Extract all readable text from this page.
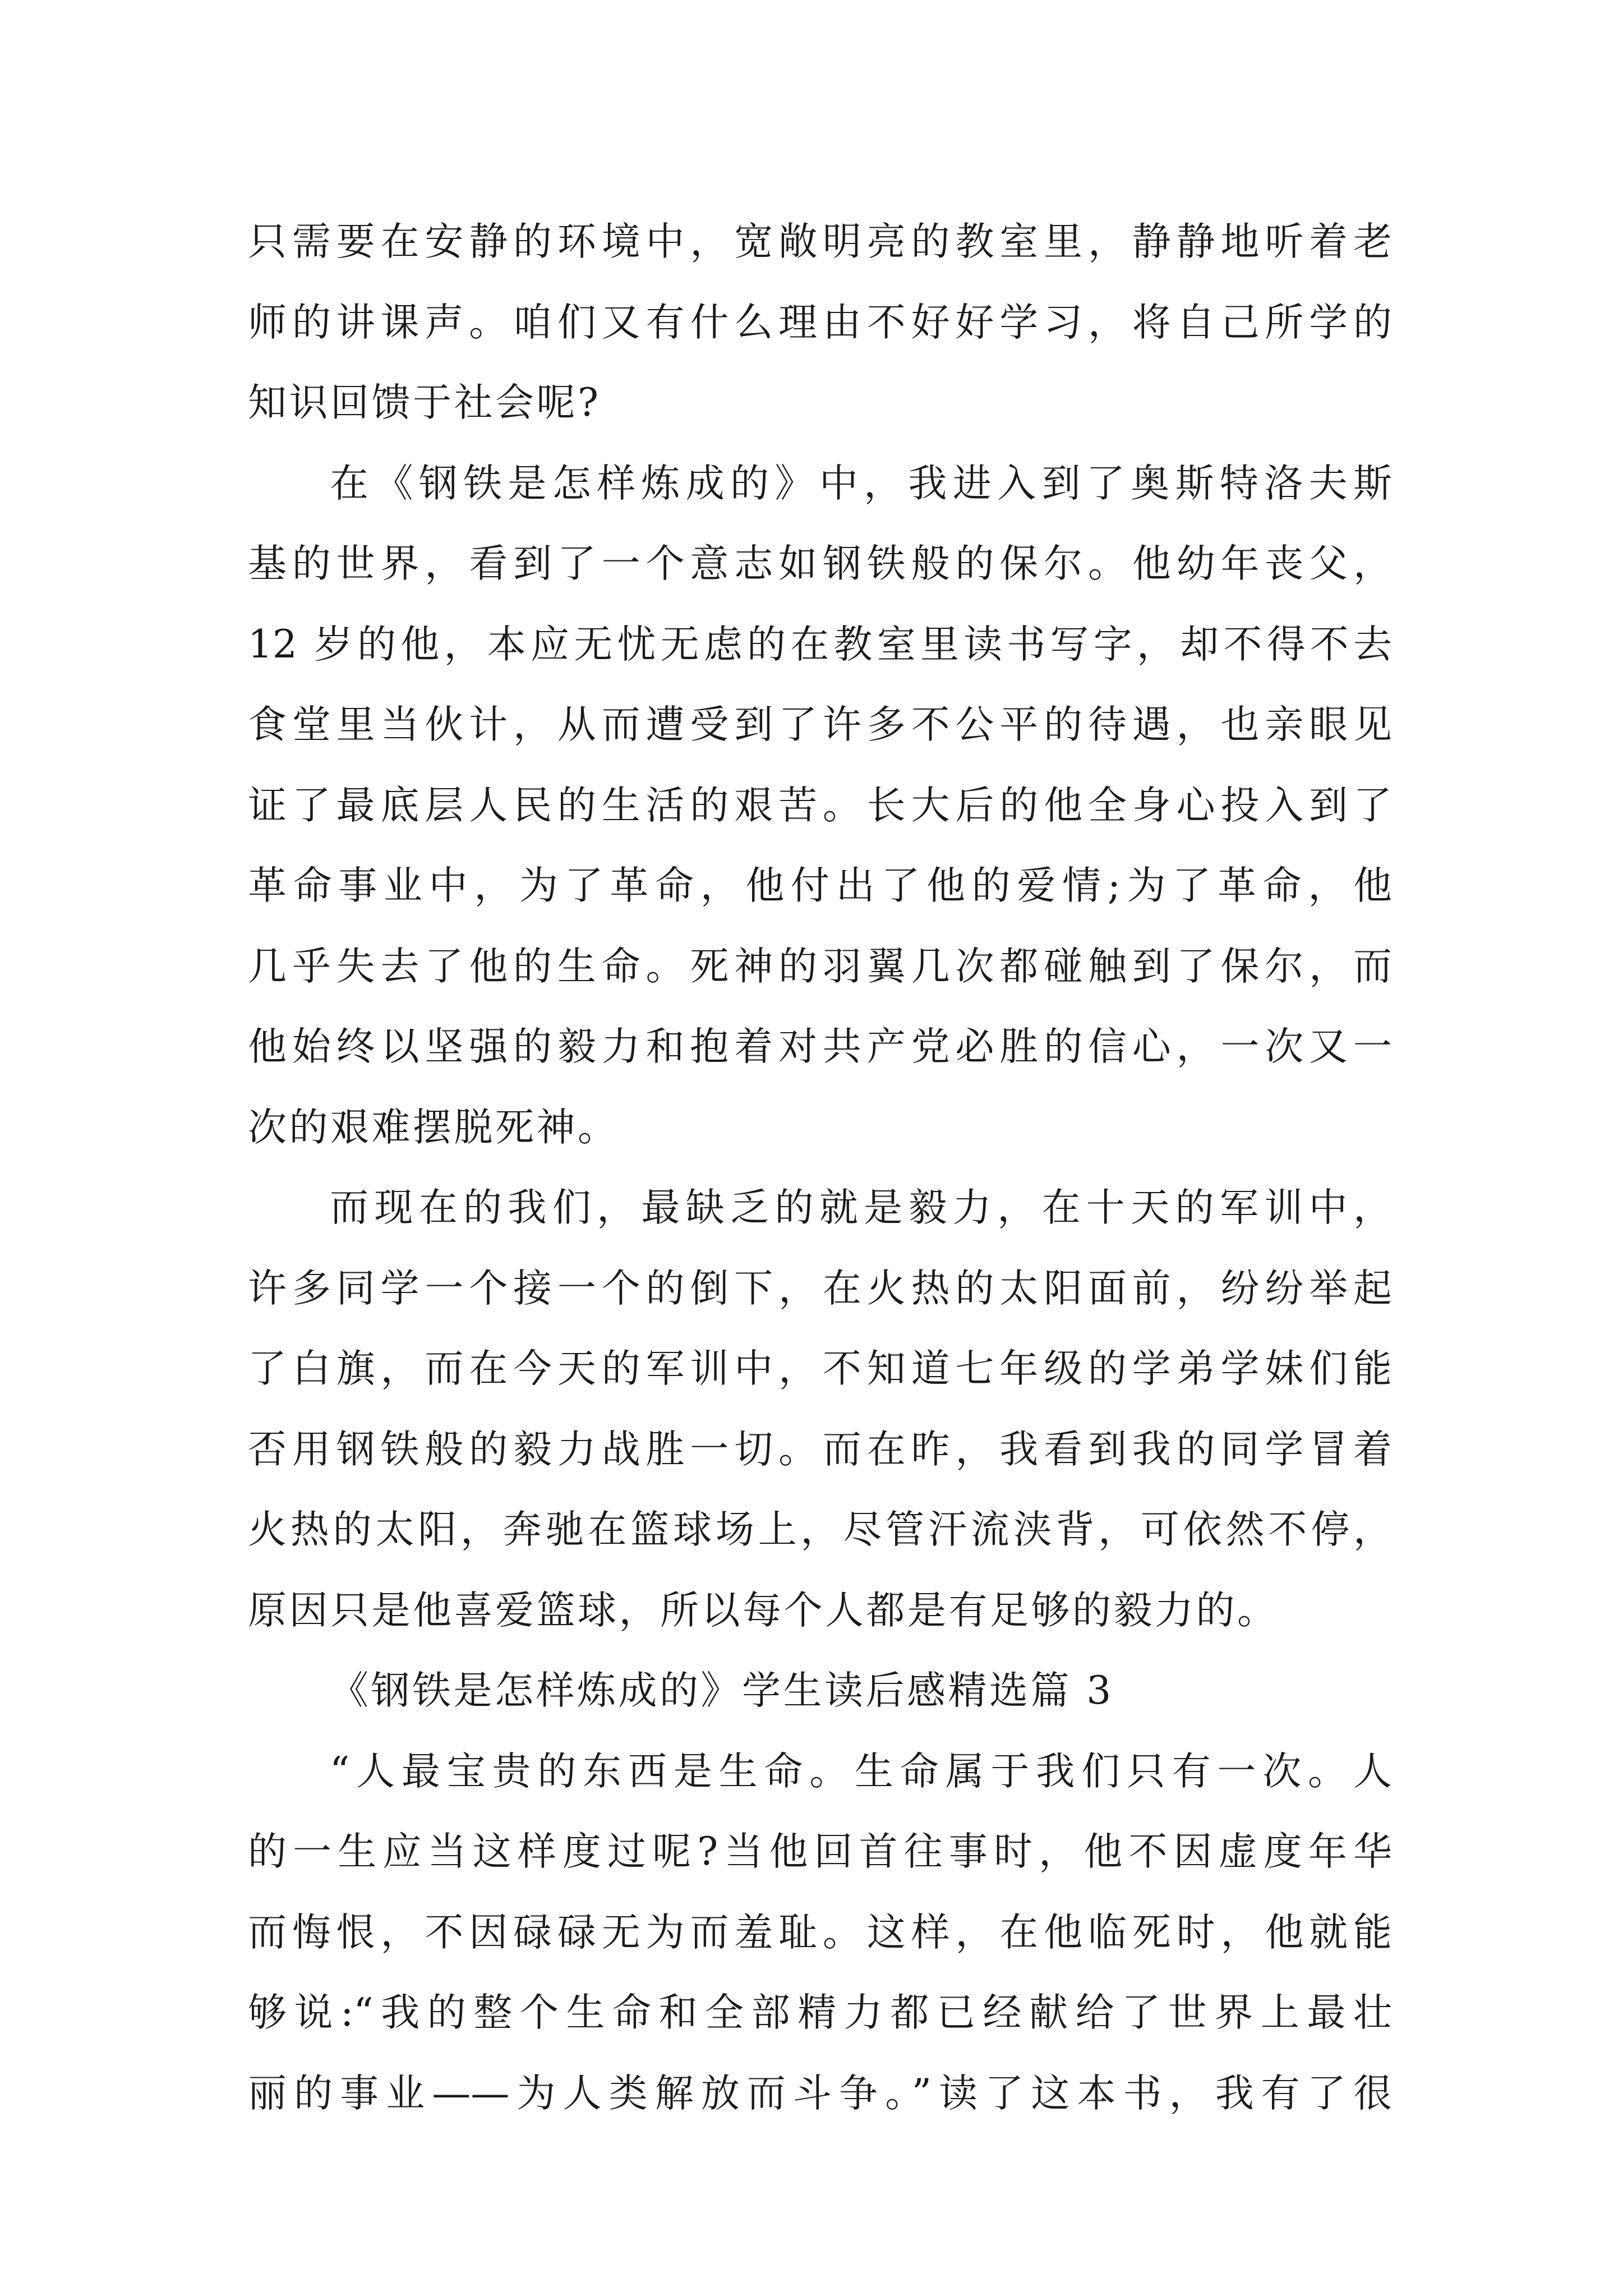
只需要在安静的环境中，宽敞明亮的教室里，静静地听着老
师的讲课声。咱们又有什么理由不好好学习，将自己所学的
知识回馈于社会呢?
在《钢铁是怎样炼成的》中，我进入到了奥斯特洛夫斯
基的世界，看到了一个意志如钢铁般的保尔。他幼年丧父，
12 岁的他，本应无忧无虑的在教室里读书写字，却不得不去
食堂里当伙计，从而遭受到了许多不公平的待遇，也亲眼见
证了最底层人民的生活的艰苦。长大后的他全身心投入到了
革命事业中，为了革命，他付出了他的爱情;为了革命，他
几乎失去了他的生命。死神的羽翼几次都碰触到了保尔，而
他始终以坚强的毅力和抱着对共产党必胜的信心，一次又一
次的艰难摆脱死神。
而现在的我们，最缺乏的就是毅力，在十天的军训中，
许多同学一个接一个的倒下，在火热的太阳面前，纷纷举起
了白旗，而在今天的军训中，不知道七年级的学弟学妹们能
否用钢铁般的毅力战胜一切。而在昨，我看到我的同学冒着
火热的太阳，奔驰在篮球场上，尽管汗流浃背，可依然不停，
原因只是他喜爱篮球，所以每个人都是有足够的毅力的。
《钢铁是怎样炼成的》学生读后感精选篇 3
“人最宝贵的东西是生命。生命属于我们只有一次。人
的一生应当这样度过呢?当他回首往事时，他不因虚度年华
而悔恨，不因碌碌无为而羞耻。这样，在他临死时，他就能
够说:“我的整个生命和全部精力都已经献给了世界上最壮
丽的事业——为人类解放而斗争。”读了这本书，我有了很
